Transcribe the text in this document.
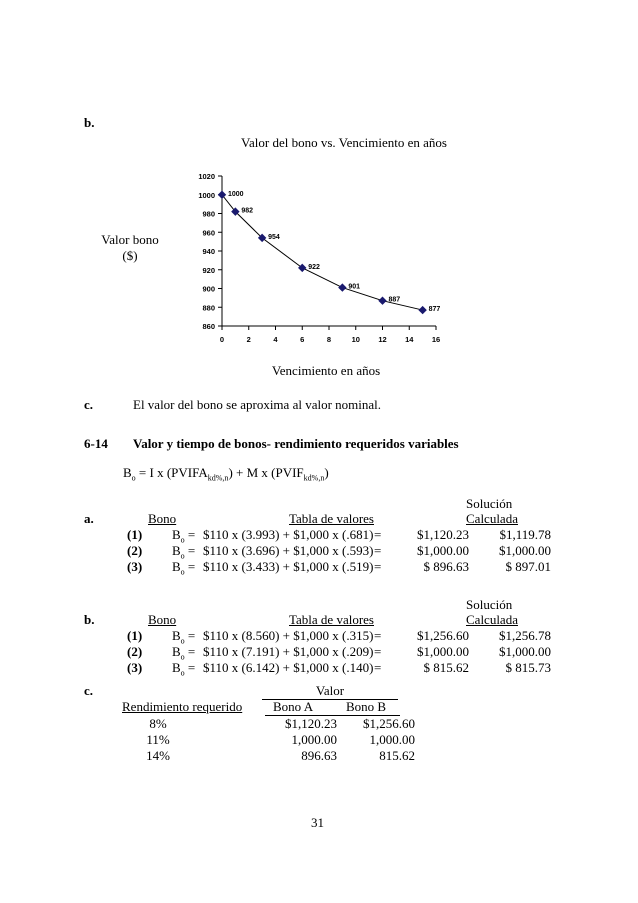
b.
Valor del bono vs. Vencimiento en años
Valor bono
($)
Vencimiento en años
860
880
900
920
940
960
980
1000
1020
0	2	4	6	8	10 12 14 16
1000
982
954
922
901
887
877
c.	El valor del bono se aproxima al valor nominal.
6-14 Valor y tiempo de bonos- rendimiento requeridos variables
$B_o = I$ x $(PVIFA_{kd\%,n}) + M$ x $(PVIF_{kd\%,n})$
Solución
a.	Bono	Tabla de valores	Calculada
(1) $B_o$ = $110 x (3.993) + $1,000 x (.681) =	$1,120.23	$1,119.78
(2) $B_o$ = $110 x (3.696) + $1,000 x (.593) =	$1,000.00	$1,000.00
(3) $B_o$ = $110 x (3.433) + $1,000 x (.519) =	$ 896.63	$ 897.01
Solución
b.	Bono	Tabla de valores	Calculada
(1) $B_o$ = $110 x (8.560) + $1,000 x (.315) =	$1,256.60	$1,256.78
(2) $B_o$ = $110 x (7.191) + $1,000 x (.209) =	$1,000.00	$1,000.00
(3) $B_o$ = $110 x (6.142) + $1,000 x (.140) =	$ 815.62	$ 815.73
c.	Valor
Rendimiento requerido Bono A	Bono B
8%	$1,120.23	$1,256.60
11%	1,000.00	1,000.00
14%	896.63	815.62
31
